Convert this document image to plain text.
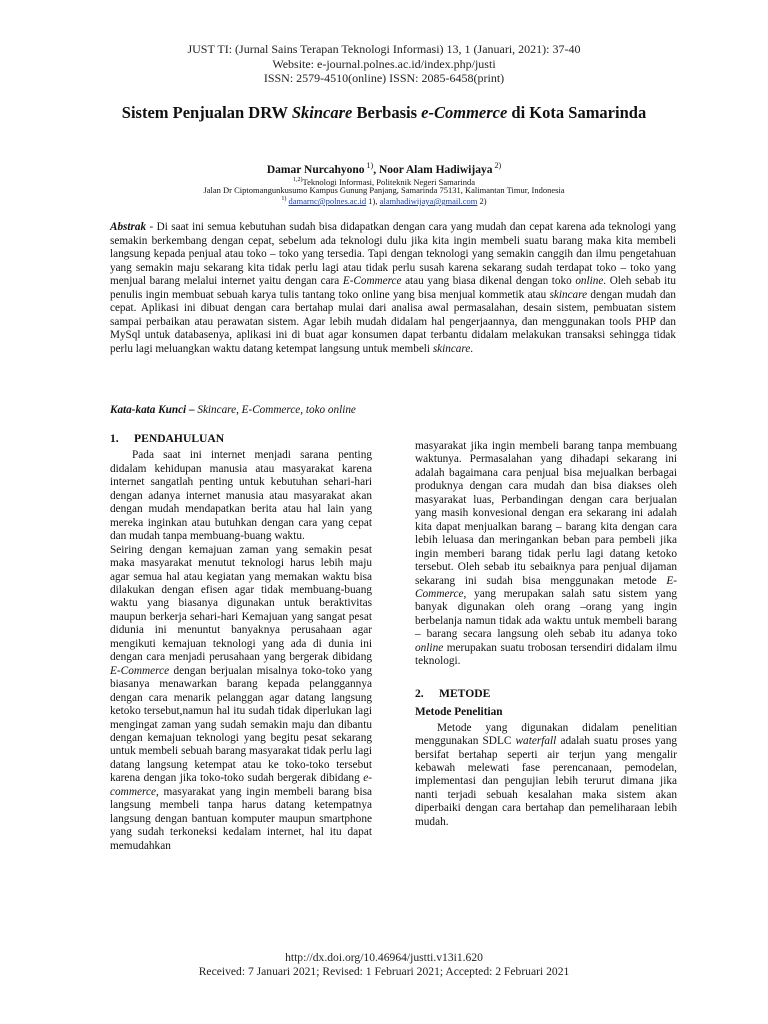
JUST TI: (Jurnal Sains Terapan Teknologi Informasi) 13, 1 (Januari, 2021): 37-40
Website: e-journal.polnes.ac.id/index.php/justi
ISSN: 2579-4510(online) ISSN: 2085-6458(print)
Sistem Penjualan DRW Skincare Berbasis e-Commerce di Kota Samarinda
Damar Nurcahyono $^{1)}$, Noor Alam Hadiwijaya $^{2)}$
$^{1,2)}$Teknologi Informasi, Politeknik Negeri Samarinda
Jalan Dr Ciptomangunkusumo Kampus Gunung Panjang, Samarinda 75131, Kalimantan Timur, Indonesia
$^{1)}$ damarnc@polnes.ac.id 1), alamhadiwijaya@gmail.com 2)
Abstrak - Di saat ini semua kebutuhan sudah bisa didapatkan dengan cara yang mudah dan cepat karena ada teknologi yang semakin berkembang dengan cepat, sebelum ada teknologi dulu jika kita ingin membeli suatu barang maka kita membeli langsung kepada penjual atau toko – toko yang tersedia. Tapi dengan teknologi yang semakin canggih dan ilmu pengetahuan yang semakin maju sekarang kita tidak perlu lagi atau tidak perlu susah karena sekarang sudah terdapat toko – toko yang menjual barang melalui internet yaitu dengan cara E-Commerce atau yang biasa dikenal dengan toko online. Oleh sebab itu penulis ingin membuat sebuah karya tulis tantang toko online yang bisa menjual kommetik atau skincare dengan mudah dan cepat. Aplikasi ini dibuat dengan cara bertahap mulai dari analisa awal permasalahan, desain sistem, pembuatan sistem sampai perbaikan atau perawatan sistem. Agar lebih mudah didalam hal pengerjaannya, dan menggunakan tools PHP dan MySql untuk databasenya, aplikasi ini di buat agar konsumen dapat terbantu didalam melakukan transaksi sehingga tidak perlu lagi meluangkan waktu datang ketempat langsung untuk membeli skincare.
Kata-kata Kunci – Skincare, E-Commerce, toko online
1. PENDAHULUAN

Pada saat ini internet menjadi sarana penting didalam kehidupan manusia atau masyarakat karena internet sangatlah penting untuk kebutuhan sehari-hari dengan adanya internet manusia atau masyarakat akan dengan mudah mendapatkan berita atau hal lain yang mereka inginkan atau butuhkan dengan cara yang cepat dan mudah tanpa membuang-buang waktu.

Seiring dengan kemajuan zaman yang semakin pesat maka masyarakat menutut teknologi harus lebih maju agar semua hal atau kegiatan yang memakan waktu bisa dilakukan dengan efisen agar tidak membuang-buang waktu yang biasanya digunakan untuk beraktivitas maupun berkerja sehari-hari Kemajuan yang sangat pesat didunia ini menuntut banyaknya perusahaan agar mengikuti kemajuan teknologi yang ada di dunia ini dengan cara menjadi perusahaan yang bergerak dibidang E-Commerce dengan berjualan misalnya toko-toko yang biasanya menawarkan barang kepada pelanggannya dengan cara menarik pelanggan agar datang langsung ketoko tersebut,namun hal itu sudah tidak diperlukan lagi mengingat zaman yang sudah semakin maju dan dibantu dengan kemajuan teknologi yang begitu pesat sekarang untuk membeli sebuah barang masyarakat tidak perlu lagi datang langsung ketempat atau ke toko-toko tersebut karena dengan jika toko-toko sudah bergerak dibidang e-commerce, masyarakat yang ingin membeli barang bisa langsung membeli tanpa harus datang ketempatnya langsung dengan bantuan komputer maupun smartphone yang sudah terkoneksi kedalam internet, hal itu dapat memudahkan

masyarakat jika ingin membeli barang tanpa membuang waktunya. Permasalahan yang dihadapi sekarang ini adalah bagaimana cara penjual bisa mejualkan berbagai produknya dengan cara mudah dan bisa diakses oleh masyarakat luas, Perbandingan dengan cara berjualan yang masih konvesional dengan era sekarang ini adalah kita dapat menjualkan barang – barang kita dengan cara lebih leluasa dan meringankan beban para pembeli jika ingin memberi barang tidak perlu lagi datang ketoko tersebut. Oleh sebab itu sebaiknya para penjual dijaman sekarang ini sudah bisa menggunakan metode E-Commerce, yang merupakan salah satu sistem yang banyak digunakan oleh orang –orang yang ingin berbelanja namun tidak ada waktu untuk membeli barang – barang secara langsung oleh sebab itu adanya toko online merupakan suatu trobosan tersendiri didalam ilmu teknologi.

2. METODE
Metode Penelitian

Metode yang digunakan didalam penelitian menggunakan SDLC waterfall adalah suatu proses yang bersifat bertahap seperti air terjun yang mengalir kebawah melewati fase perencanaan, pemodelan, implementasi dan pengujian lebih terurut dimana jika nanti terjadi sebuah kesalahan maka sistem akan diperbaiki dengan cara bertahap dan pemeliharaan lebih mudah.

http://dx.doi.org/10.46964/justti.v13i1.620
Received: 7 Januari 2021; Revised: 1 Februari 2021; Accepted: 2 Februari 2021
